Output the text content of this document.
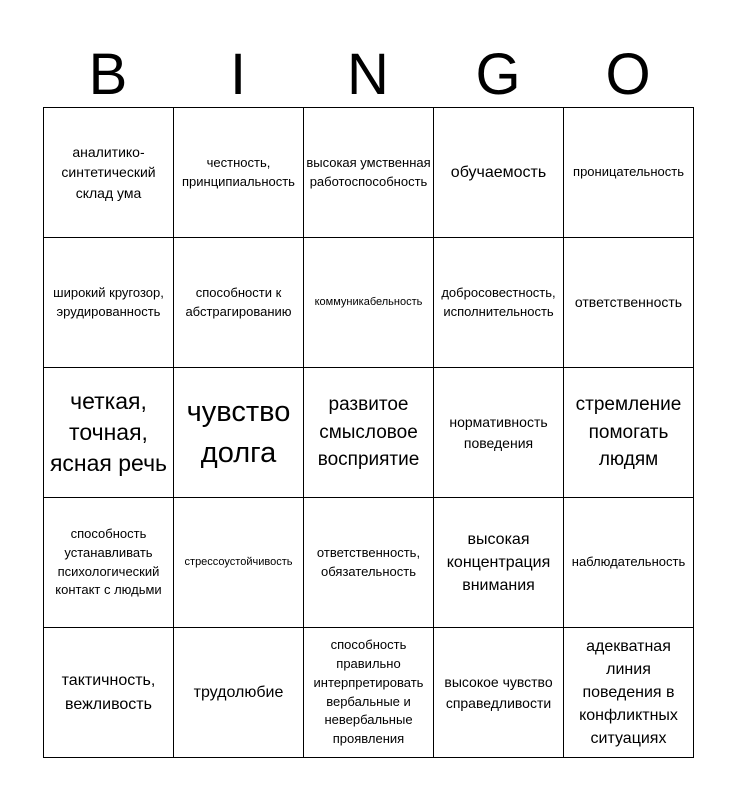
B	I	N	G	O
аналитико-синтетический склад ума	честность, принципиальность	высокая умственная работоспособность	обучаемость	проницательность
широкий кругозор, эрудированность	способности к абстрагированию	коммуникабельность	добросовестность, исполнительность	ответственность
четкая, точная, ясная речь	чувство долга	развитое смысловое восприятие	нормативность поведения	стремление помогать людям
способность устанавливать психологический контакт с людьми	стрессоустойчивость	ответственность, обязательность	высокая концентрация внимания	наблюдательность
тактичность, вежливость	трудолюбие	способность правильно интерпретировать вербальные и невербальные проявления	высокое чувство справедливости	адекватная линия поведения в конфликтных ситуациях
